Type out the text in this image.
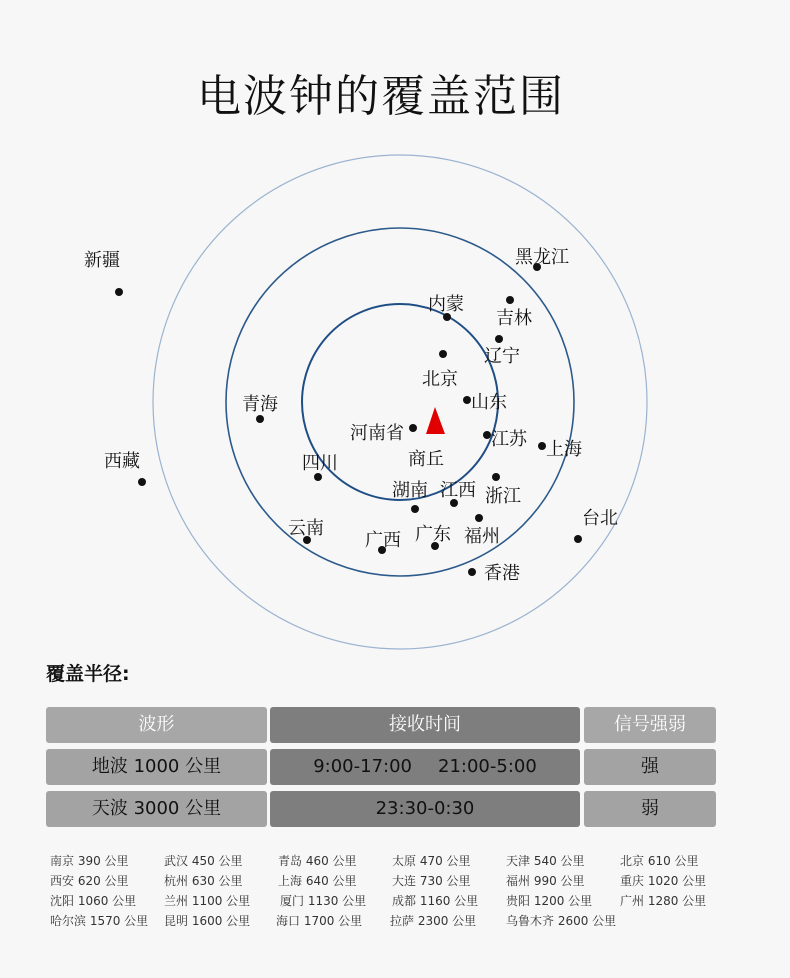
电波钟的覆盖范围
新疆	黑龙江
内蒙
吉林
辽宁
北京
青海	山东
河南省	江苏 上海
西藏	四川	商丘
湖南 江西 浙江
台北
云南
广西 广东 福州
香港
覆盖半径:
波形	接收时间	信号强弱
地波 1000 公里	9:00-17:00 21:00-5:00	强
天波 3000 公里	23:30-0:30	弱
南京 390 公里	武汉 450 公里	青岛 460 公里	太原 470 公里	天津 540 公里	北京 610 公里
西安 620 公里	杭州 630 公里	上海 640 公里	大连 730 公里	福州 990 公里	重庆 1020 公里
沈阳 1060 公里 兰州 1100 公里 厦门 1130 公里 成都 1160 公里 贵阳 1200 公里 广州 1280 公里
哈尔滨 1570 公里 昆明 1600 公里 海口 1700 公里 拉萨 2300 公里 乌鲁木齐 2600 公里
